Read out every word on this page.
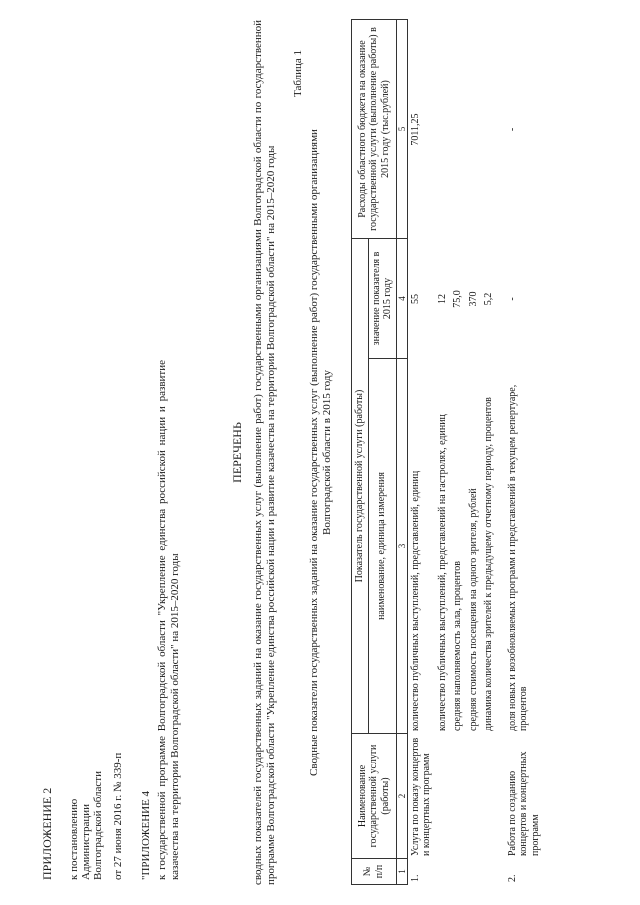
ПРИЛОЖЕНИЕ 2 к постановлению Администрации Волгоградской области от 27 июня 2016 г. № 339-п "ПРИЛОЖЕНИЕ 4 к государственной программе Волгоградской области "Укрепление единства российской нации и развитие казачества на территории Волгоградской области" на 2015–2020 годы
ПЕРЕЧЕНЬ сводных показателей государственных заданий на оказание государственных услуг (выполнение работ) государственными организациями Волгоградской области по государственной программе Волгоградской области "Укрепление единства российской нации и развитие казачества на территории Волгоградской области" на 2015–2020 годы
Таблица 1
Сводные показатели государственных заданий на оказание государственных услуг (выполнение работ) государственными организациями Волгоградской области в 2015 году
№ п/п	Наименование государственной услуги (работы)	Показатель государственной услуги (работы)		Расходы областного бюджета на оказание государственной услуги (выполнение работы) в 2015 году (тыс.рублей)
		наименование, единица измерения	значение показателя в 2015 году	
1	2	3	4	5
1.	Услуга по показу концертов и концертных программ	количество публичных выступлений, представлений, единиц	55	7011,25
		количество публичных выступлений, представлений на гастролях, единиц	12	
		средняя наполняемость зала, процентов	75,0	
		средняя стоимость посещения на одного зрителя, рублей	370	
		динамика количества зрителей к предыдущему отчетному периоду, процентов	5,2	
2.	Работа по созданию концертов и концертных программ	доля новых и возобновляемых программ и представлений в текущем репертуаре, процентов	-	-
